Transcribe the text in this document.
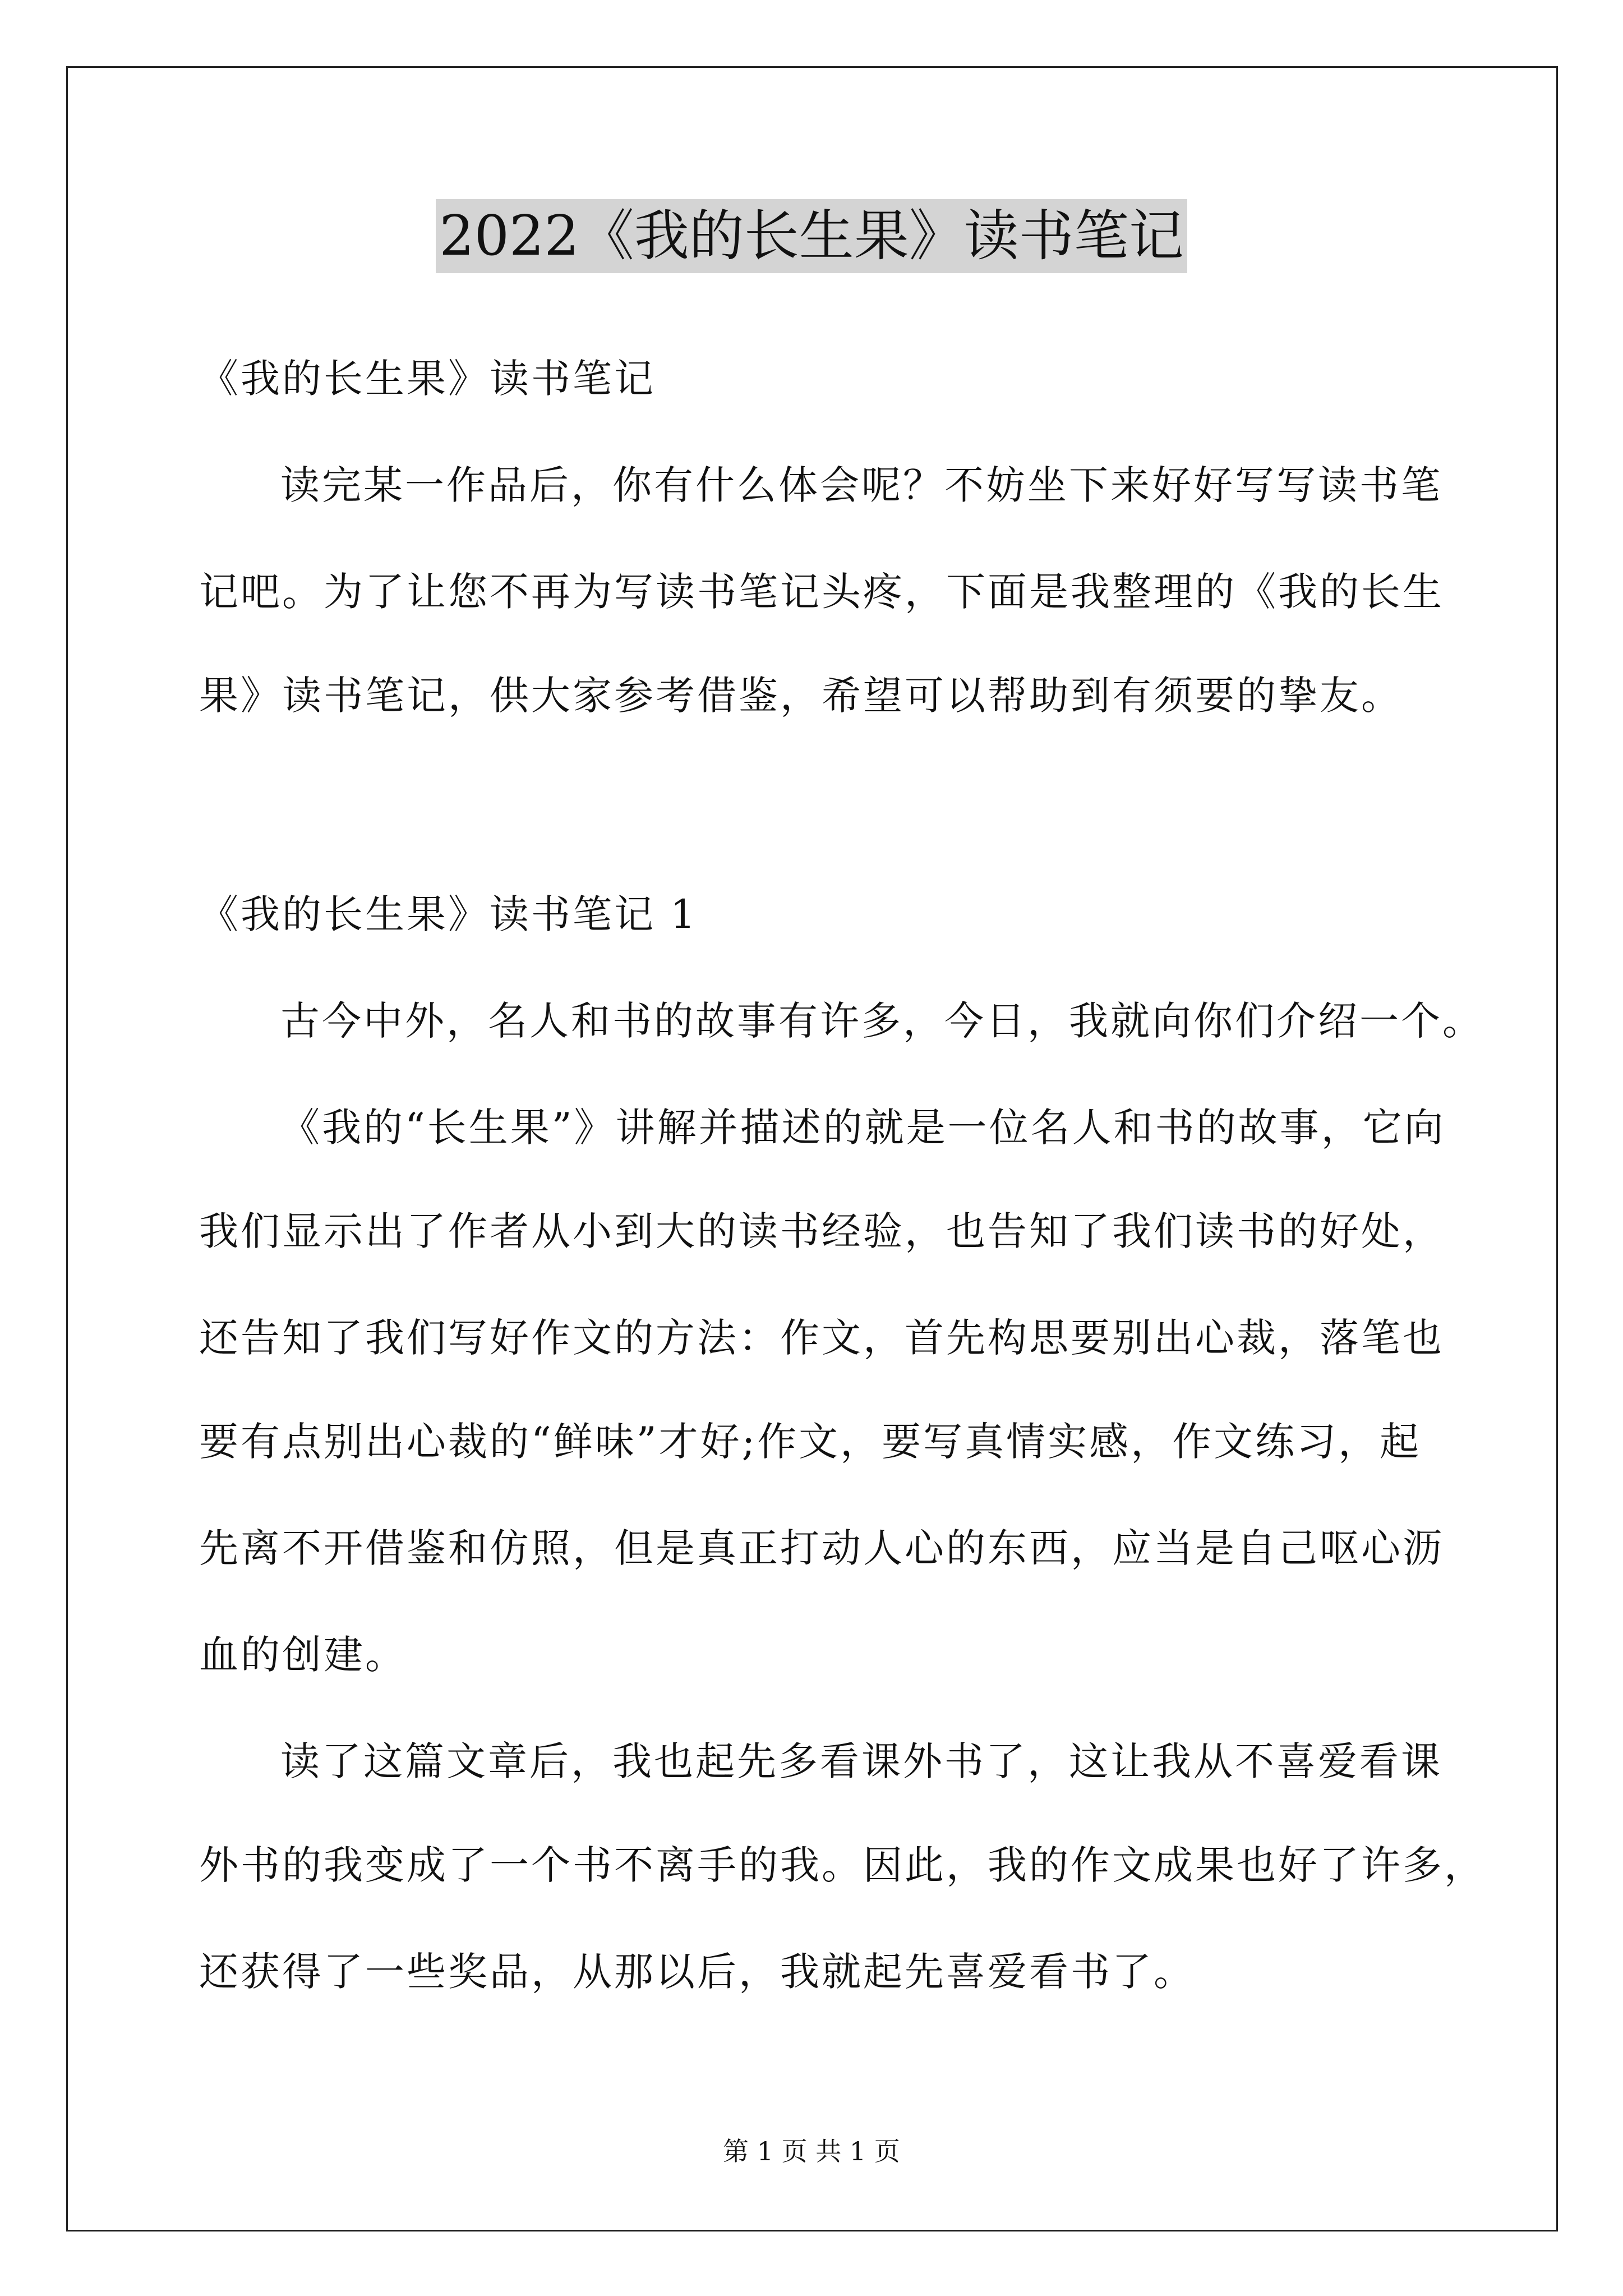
2022《我的长生果》读书笔记
《我的长生果》读书笔记
读完某一作品后，你有什么体会呢？不妨坐下来好好写写读书笔
记吧。为了让您不再为写读书笔记头疼，下面是我整理的《我的长生
果》读书笔记，供大家参考借鉴，希望可以帮助到有须要的挚友。
《我的长生果》读书笔记 1
古今中外，名人和书的故事有许多，今日，我就向你们介绍一个。
《我的“长生果”》讲解并描述的就是一位名人和书的故事，它向
我们显示出了作者从小到大的读书经验，也告知了我们读书的好处，
还告知了我们写好作文的方法：作文，首先构思要别出心裁，落笔也
要有点别出心裁的“鲜味”才好;作文，要写真情实感，作文练习，起
先离不开借鉴和仿照，但是真正打动人心的东西，应当是自己呕心沥
血的创建。
读了这篇文章后，我也起先多看课外书了，这让我从不喜爱看课
外书的我变成了一个书不离手的我。因此，我的作文成果也好了许多，
还获得了一些奖品，从那以后，我就起先喜爱看书了。
第 1 页 共 1 页
